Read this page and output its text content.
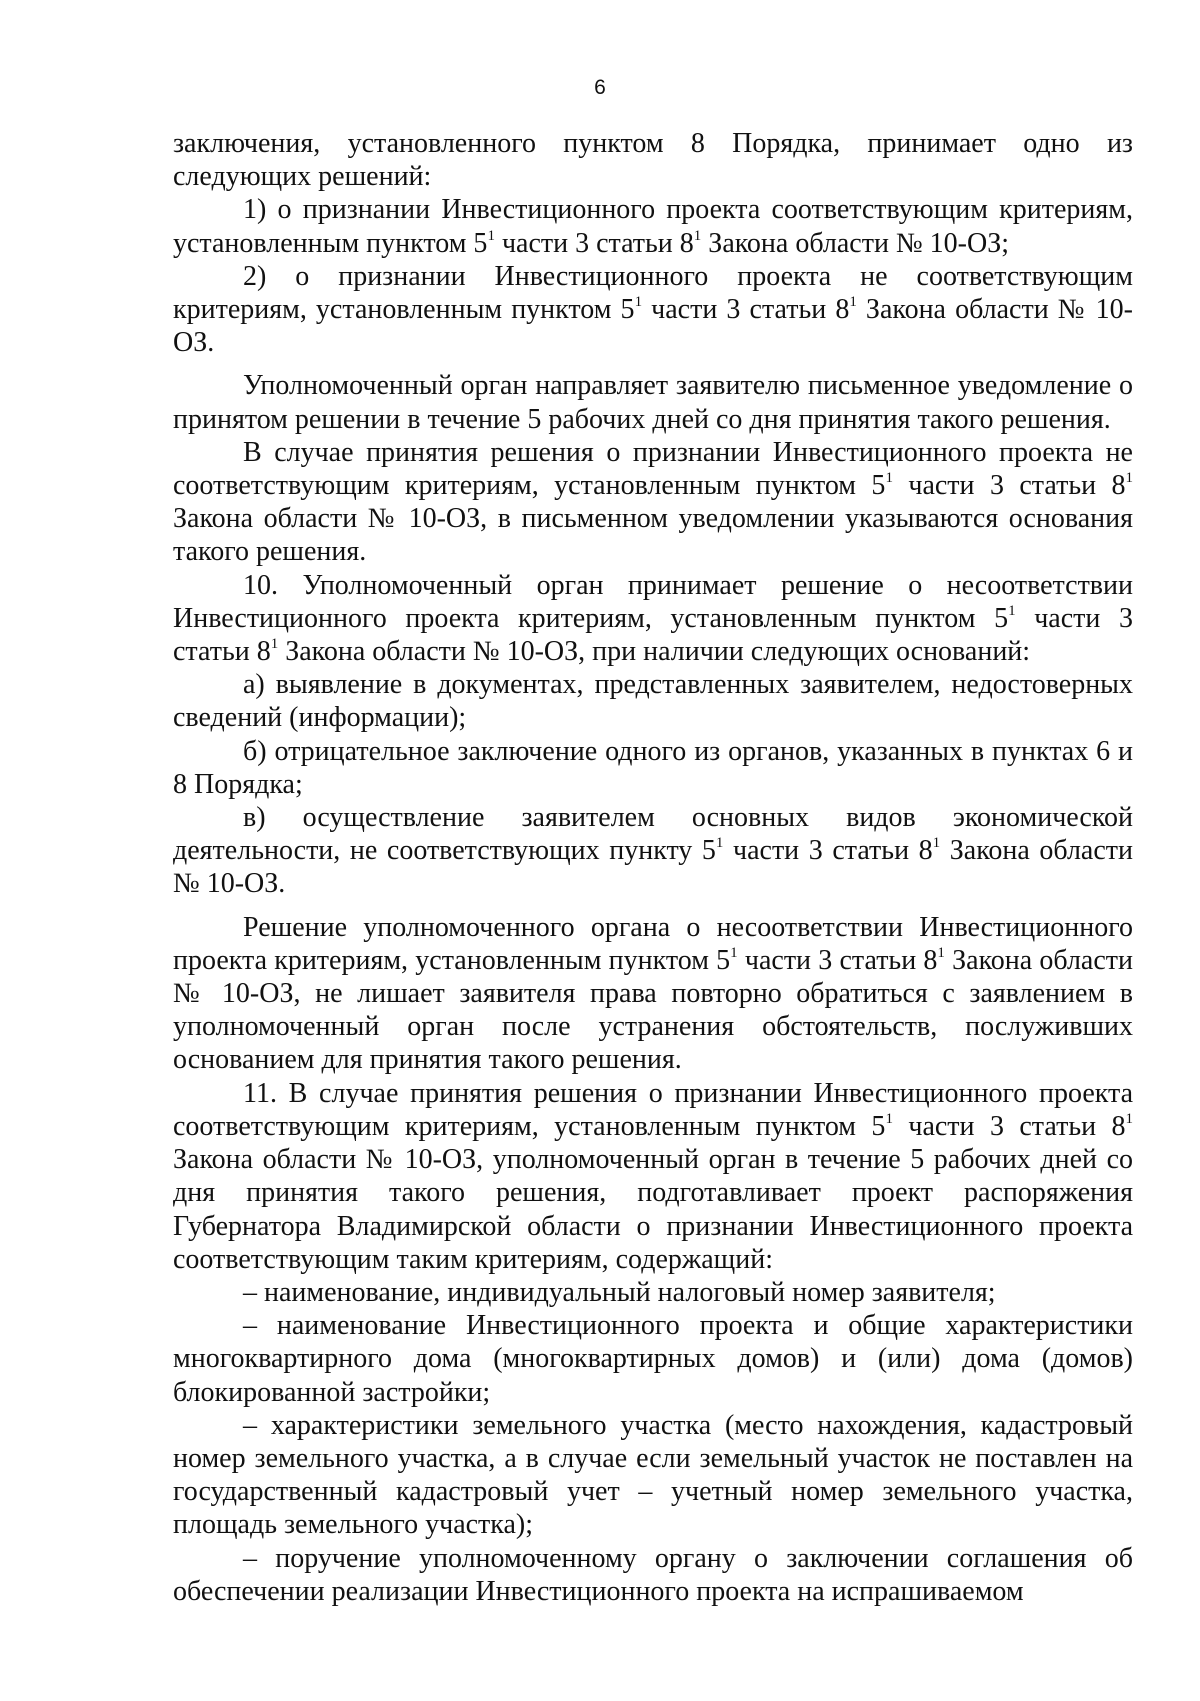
6

заключения, установленного пунктом 8 Порядка, принимает одно из следующих решений:

1) о признании Инвестиционного проекта соответствующим критериям, установленным пунктом $5^1$ части 3 статьи $8^1$ Закона области № 10-ОЗ;

2) о признании Инвестиционного проекта не соответствующим критериям, установленным пунктом $5^1$ части 3 статьи $8^1$ Закона области № 10-ОЗ.

Уполномоченный орган направляет заявителю письменное уведомление о принятом решении в течение 5 рабочих дней со дня принятия такого решения.

В случае принятия решения о признании Инвестиционного проекта не соответствующим критериям, установленным пунктом $5^1$ части 3 статьи $8^1$ Закона области № 10-ОЗ, в письменном уведомлении указываются основания такого решения.

10. Уполномоченный орган принимает решение о несоответствии Инвестиционного проекта критериям, установленным пунктом $5^1$ части 3 статьи $8^1$ Закона области № 10-ОЗ, при наличии следующих оснований:

а) выявление в документах, представленных заявителем, недостоверных сведений (информации);

б) отрицательное заключение одного из органов, указанных в пунктах 6 и 8 Порядка;

в) осуществление заявителем основных видов экономической деятельности, не соответствующих пункту $5^1$ части 3 статьи $8^1$ Закона области № 10-ОЗ.

Решение уполномоченного органа о несоответствии Инвестиционного проекта критериям, установленным пунктом $5^1$ части 3 статьи $8^1$ Закона области № 10-ОЗ, не лишает заявителя права повторно обратиться с заявлением в уполномоченный орган после устранения обстоятельств, послуживших основанием для принятия такого решения.

11. В случае принятия решения о признании Инвестиционного проекта соответствующим критериям, установленным пунктом $5^1$ части 3 статьи $8^1$ Закона области № 10-ОЗ, уполномоченный орган в течение 5 рабочих дней со дня принятия такого решения, подготавливает проект распоряжения Губернатора Владимирской области о признании Инвестиционного проекта соответствующим таким критериям, содержащий:

– наименование, индивидуальный налоговый номер заявителя;

– наименование Инвестиционного проекта и общие характеристики многоквартирного дома (многоквартирных домов) и (или) дома (домов) блокированной застройки;

– характеристики земельного участка (место нахождения, кадастровый номер земельного участка, а в случае если земельный участок не поставлен на государственный кадастровый учет – учетный номер земельного участка, площадь земельного участка);

– поручение уполномоченному органу о заключении соглашения об обеспечении реализации Инвестиционного проекта на испрашиваемом
